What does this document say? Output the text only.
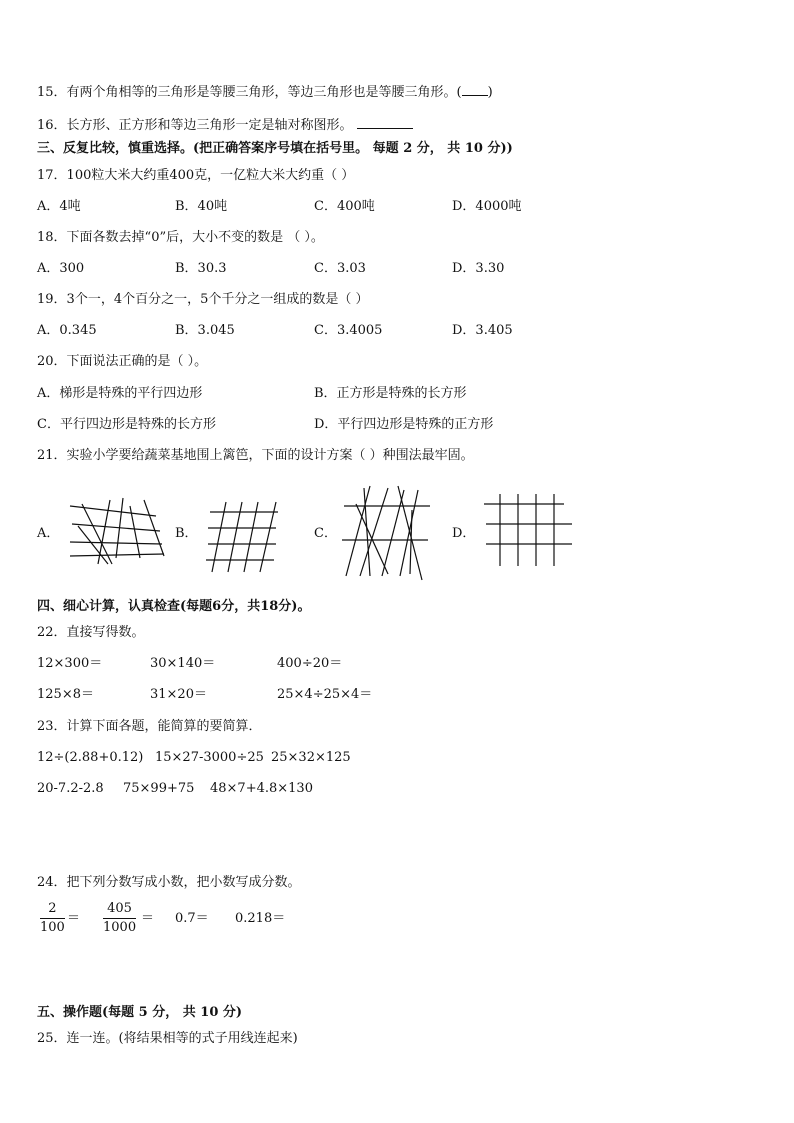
15．有两个角相等的三角形是等腰三角形，等边三角形也是等腰三角形。( )
16．长方形、正方形和等边三角形一定是轴对称图形。
三、反复比较，慎重选择。(把正确答案序号填在括号里。 每题 2 分， 共 10 分))
17．100粒大米大约重400克，一亿粒大米大约重（ ）
A．4吨	B．40吨	C．400吨	D．4000吨
18．下面各数去掉“0”后，大小不变的数是 （ ）。
A．300	B．30.3	C．3.03	D．3.30
19．3个一，4个百分之一，5个千分之一组成的数是（ ）
A．0.345	B．3.045	C．3.4005	D．3.405
20．下面说法正确的是（ ）。
A．梯形是特殊的平行四边形	B．正方形是特殊的长方形
C．平行四边形是特殊的长方形	D．平行四边形是特殊的正方形
21．实验小学要给蔬菜基地围上篱笆，下面的设计方案（ ）种围法最牢固。
A．	B．	C．	D．
四、细心计算，认真检查(每题6分，共18分)。
22．直接写得数。
12×300＝	30×140＝	400÷20＝
125×8＝	31×20＝	25×4÷25×4＝
23．计算下面各题，能简算的要简算．
12÷(2.88+0.12) 15×27-3000÷25 25×32×125
20-7.2-2.8 75×99+75 48×7+4.8×130
24．把下列分数写成小数，把小数写成分数。
$\frac{2}{100} = \frac{405}{1000} = 0.7= 0.218=$
五、操作题(每题 5 分， 共 10 分)
25．连一连。(将结果相等的式子用线连起来)
